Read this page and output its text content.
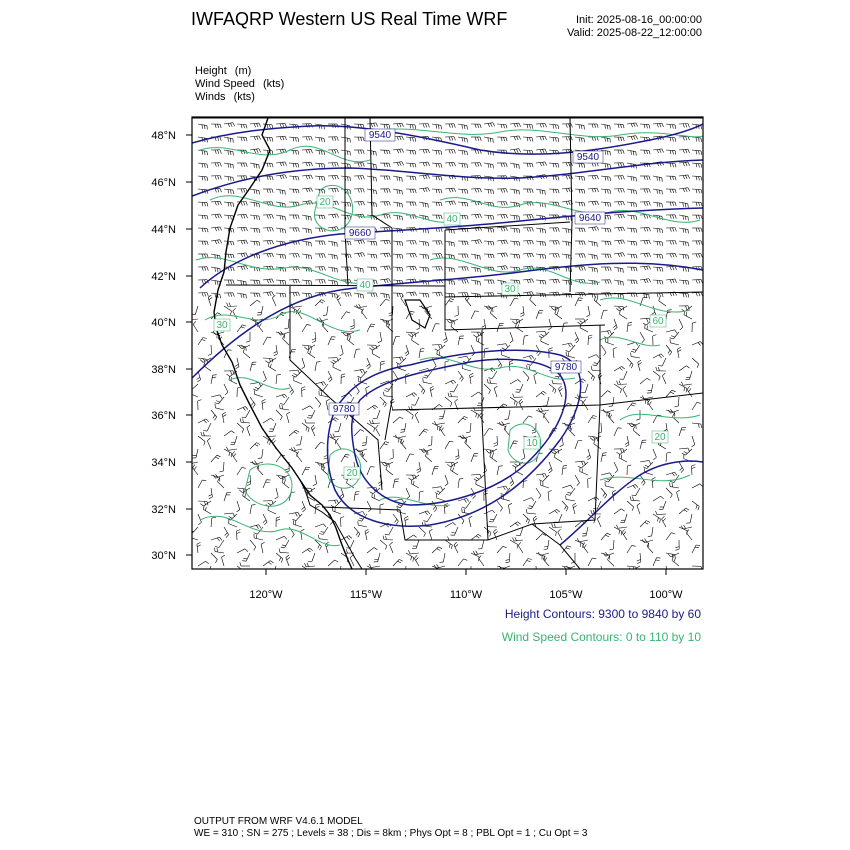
IWFAQRP Western US Real Time WRF	Init: 2025-08-16_00:00:00
Valid: 2025-08-22_12:00:00
Height (m)
Wind Speed (kts)
Winds (kts)
48°N
46°N
44°N
42°N
40°N
38°N
36°N
34°N
32°N
30°N
120°W	115°W	110°W	105°W	100°W
9540
9540
9640
9660
9780
9780
20
40
40	30
60
30
20
10
20
Height Contours: 9300 to 9840 by 60
Wind Speed Contours: 0 to 110 by 10
OUTPUT FROM WRF V4.6.1 MODEL
WE = 310 ; SN = 275 ; Levels = 38 ; Dis = 8km ; Phys Opt = 8 ; PBL Opt = 1 ; Cu Opt = 3
